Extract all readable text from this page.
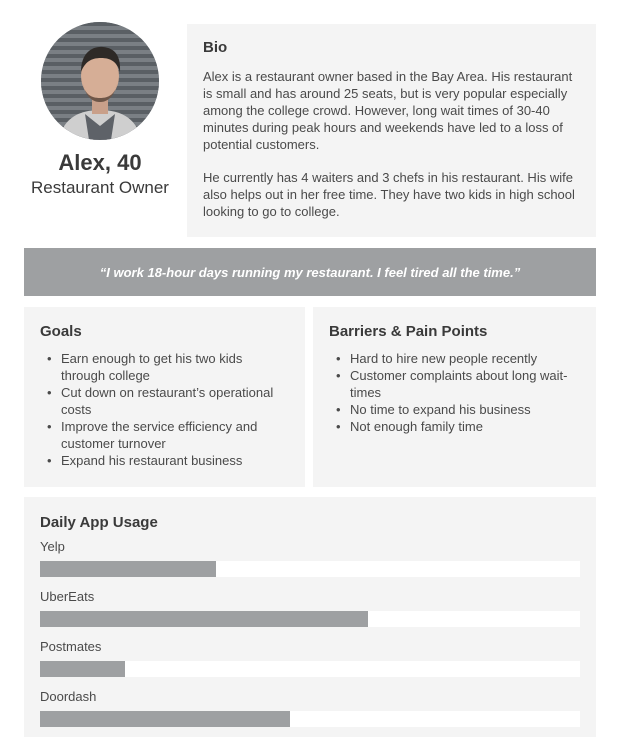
Alex, 40
Restaurant Owner
Bio

Alex is a restaurant owner based in the Bay Area. His restaurant is small and has around 25 seats, but is very popular especially among the college crowd. However, long wait times of 30-40 minutes during peak hours and weekends have led to a loss of potential customers.

He currently has 4 waiters and 3 chefs in his restaurant. His wife also helps out in her free time. They have two kids in high school looking to go to college.

“I work 18-hour days running my restaurant. I feel tired all the time.”
Goals
• Earn enough to get his two kids through college
• Cut down on restaurant’s operational costs
• Improve the service efficiency and customer turnover
• Expand his restaurant business
Barriers & Pain Points
• Hard to hire new people recently
• Customer complaints about long wait-times
• No time to expand his business
• Not enough family time
Daily App Usage
Yelp
UberEats
Postmates
Doordash
